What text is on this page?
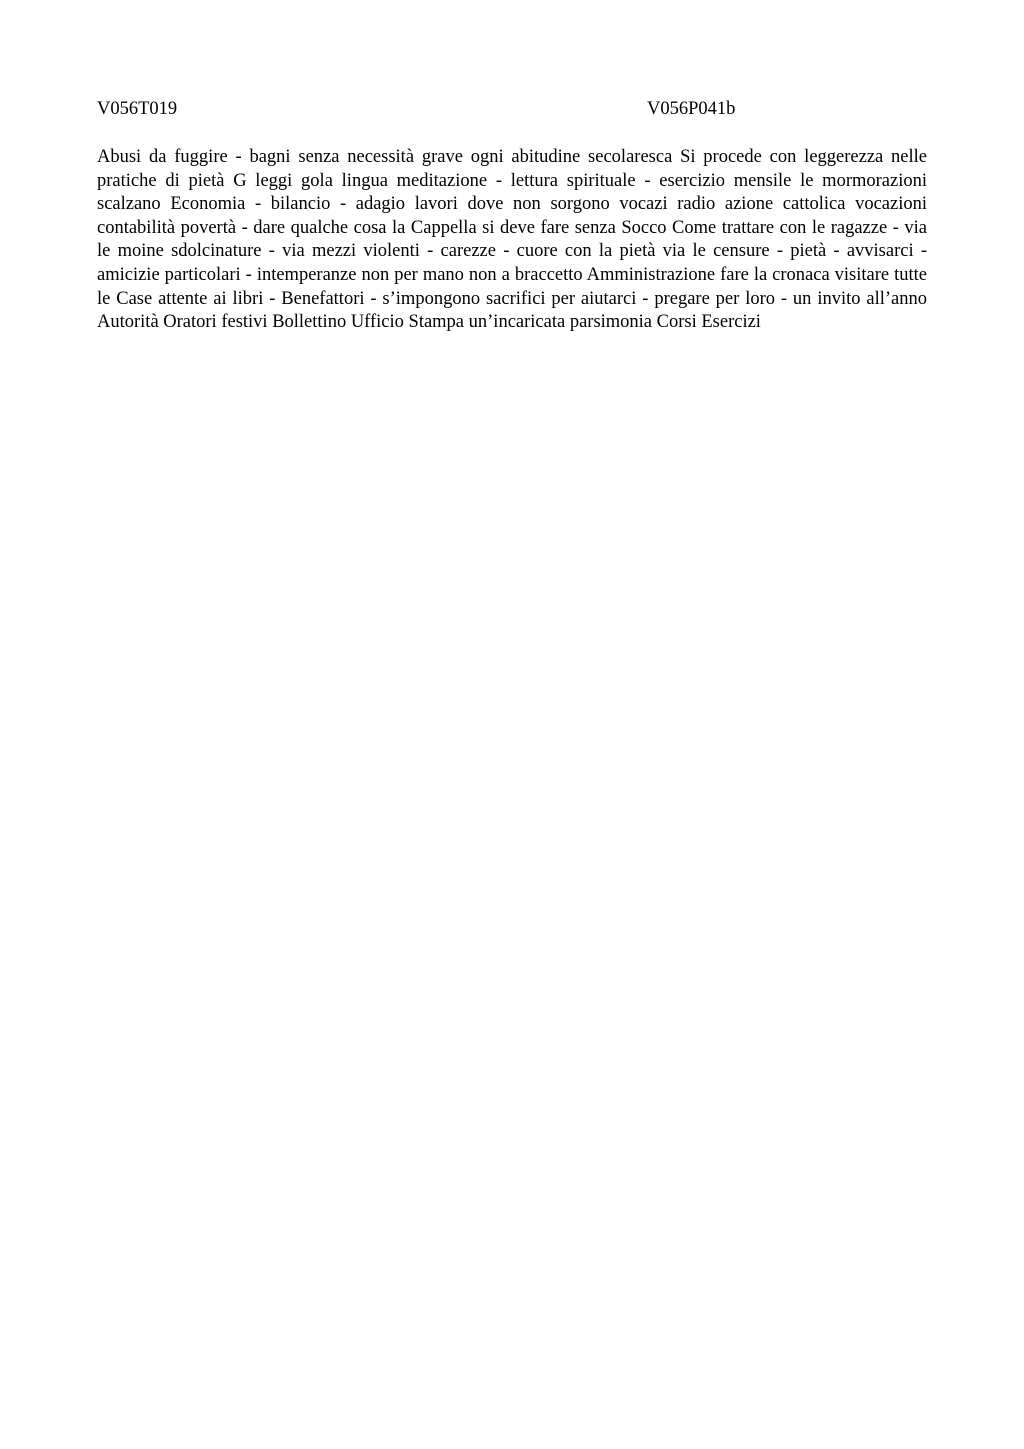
V056T019	V056P041b

Abusi da fuggire - bagni senza necessità grave ogni abitudine secolaresca Si procede con leggerezza nelle pratiche di pietà G leggi gola lingua meditazione - lettura spirituale - esercizio mensile le mormorazioni scalzano Economia - bilancio - adagio lavori dove non sorgono vocazi radio azione cattolica vocazioni contabilità povertà - dare qualche cosa la Cappella si deve fare senza Socco Come trattare con le ragazze - via le moine sdolcinature - via mezzi violenti - carezze - cuore con la pietà via le censure - pietà - avvisarci - amicizie particolari - intemperanze non per mano non a braccetto Amministrazione fare la cronaca visitare tutte le Case attente ai libri - Benefattori - s’impongono sacrifici per aiutarci - pregare per loro - un invito all’anno Autorità Oratori festivi Bollettino Ufficio Stampa un’incaricata parsimonia Corsi Esercizi
